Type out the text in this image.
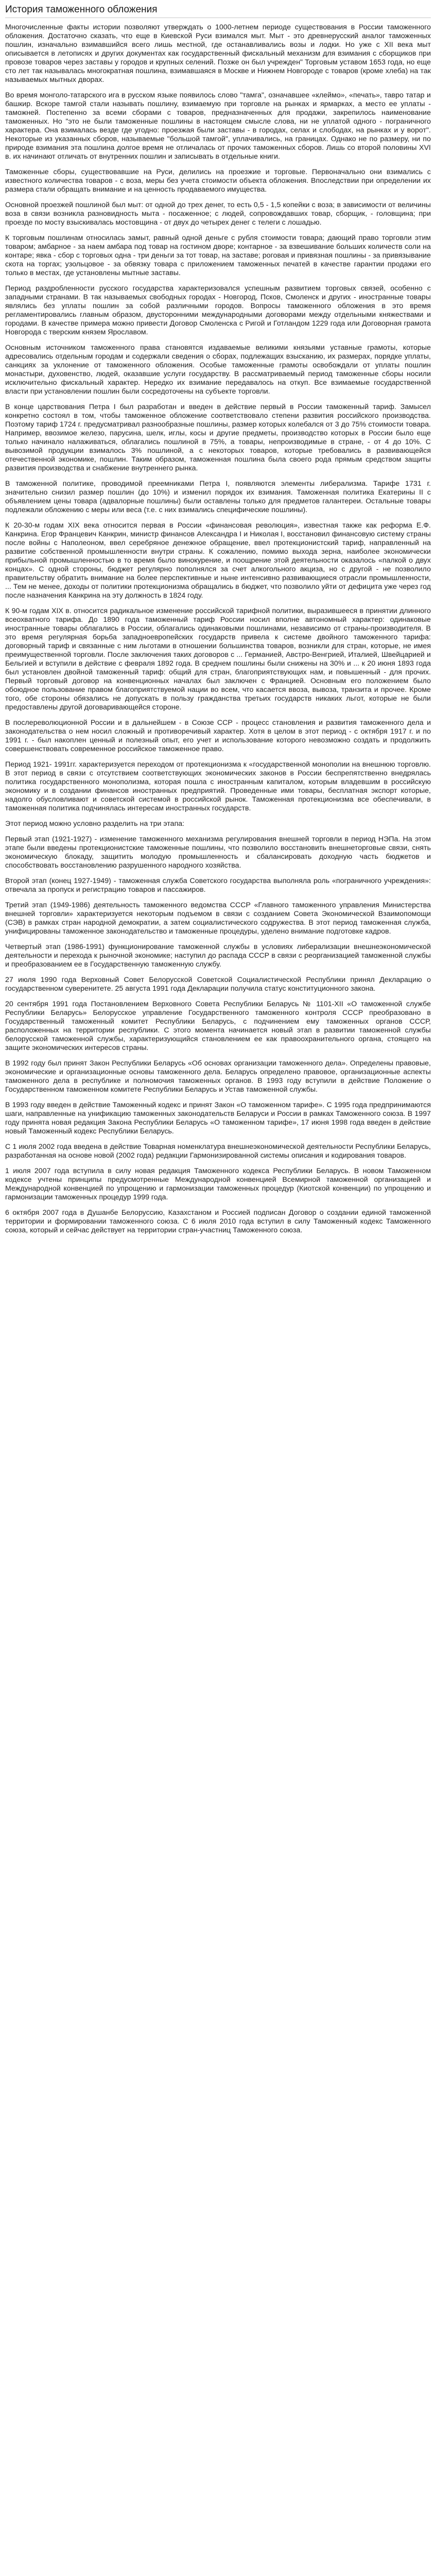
История таможенного обложения

Многочисленные факты истории позволяют утверждать о 1000-летнем периоде существования в России таможенного обложения. Достаточно сказать, что еще в Киевской Руси взимался мыт. Мыт - это древнерусский аналог таможенных пошлин, изначально взимавшийся всего лишь местной, где останавливались возы и лодки. Но уже с XII века мыт описывается в летописях и других документах как государственный фискальный механизм для взимания с сборщиков при провозе товаров через заставы у городов и крупных селений. Позже он был учрежден" Торговым уставом 1653 года, но еще сто лет так называлась многократная пошлина, взимавшаяся в Москве и Нижнем Новгороде с товаров (кроме хлеба) на так называемых мытных дворах.

Во время монголо-татарского ига в русском языке появилось слово "тамга", означавшее «клеймо», «печать», тавро татар и башкир. Вскоре тамгой стали называть пошлину, взимаемую при торговле на рынках и ярмарках, а место ее уплаты - таможней. Постепенно за всеми сборами с товаров, предназначенных для продажи, закрепилось наименование таможенных. Но "это не были таможенные пошлины в настоящем смысле слова, ни не уплатой одного - пограничного характера. Она взималась везде где угодно: проезжая были заставы - в городах, селах и слободах, на рынках и у ворот". Некоторые из указанных сборов, называемые "большой тамгой", уплачивались, на границах. Однако не по размеру, ни по природе взимания эта пошлина долгое время не отличалась от прочих таможенных сборов. Лишь со второй половины XVI в. их начинают отличать от внутренних пошлин и записывать в отдельные книги.

Таможенные сборы, существовавшие на Руси, делились на проезжие и торговые. Первоначально они взимались с известного количества товаров - с воза, меры без учета стоимости объекта обложения. Впоследствии при определении их размера стали обращать внимание и на ценность продаваемого имущества.

Основной проезжей пошлиной был мыт: от одной до трех денег, то есть 0,5 - 1,5 копейки с воза; в зависимости от величины воза в связи возникла разновидность мыта - посаженное; с людей, сопровождавших товар, сборщик, - головщина; при проезде по мосту взыскивалась мостовщина - от двух до четырех денег с телеги с лошадью.

К торговым пошлинам относилась замыт, равный одной деньге с рубля стоимости товара; дающий право торговли этим товаром; амбарное - за наем амбара под товар на гостином дворе; контарное - за взвешивание больших количеств соли на контаре; явка - сбор с торговых одна - три деньги за тот товар, на заставе; роговая и привязная пошлины - за привязывание скота на торгах; узольцовое - за обвязку товара с приложением таможенных печатей в качестве гарантии продажи его только в местах, где установлены мытные заставы.

Период раздробленности русского государства характеризовался успешным развитием торговых связей, особенно с западными странами. В так называемых свободных городах - Новгород, Псков, Смоленск и других - иностранные товары являлись без уплаты пошлин за собой различными городов. Вопросы таможенного обложения в это время регламентировались главным образом, двусторонними международными договорами между отдельными княжествами и городами. В качестве примера можно привести Договор Смоленска с Ригой и Готландом 1229 года или Договорная грамота Новгорода с тверским князем Ярославом.

Основным источником таможенного права становятся издаваемые великими князьями уставные грамоты, которые адресовались отдельным городам и содержали сведения о сборах, подлежащих взысканию, их размерах, порядке уплаты, санкциях за уклонение от таможенного обложения. Особые таможенные грамоты освобождали от уплаты пошлин монастыри, духовенство, людей, оказавшие услуги государству. В рассматриваемый период таможенные сборы носили исключительно фискальный характер. Нередко их взимание передавалось на откуп. Все взимаемые государственной власти при установлении пошлин были сосредоточены на субъекте торговли.

В конце царствования Петра I был разработан и введен в действие первый в России таможенный тариф. Замысел конкретно состоял в том, чтобы таможенное обложение соответствовало степени развития российского производства. Поэтому тариф 1724 г. предусматривал разнообразные пошлины, размер которых колебался от 3 до 75% стоимости товара. Например, ввозимое железо, парусина, шелк, иглы, косы и другие предметы, производство которых в России было еще только начинало налаживаться, облагались пошлиной в 75%, а товары, непроизводимые в стране, - от 4 до 10%. С вывозимой продукции взималось 3% пошлиной, а с некоторых товаров, которые требовались в развивающейся отечественной экономике, пошлин. Таким образом, таможенная пошлина была своего рода прямым средством защиты развития производства и снабжение внутреннего рынка.

В таможенной политике, проводимой преемниками Петра I, появляются элементы либерализма. Тарифе 1731 г. значительно снизил размер пошлин (до 10%) и изменил порядок их взимания. Таможенная политика Екатерины II с объявлением цены товара (адвалорные пошлины) были оставлены только для предметов галантереи. Остальные товары подлежали обложению с меры или веса (т.е. с них взимались специфические пошлины).

К 20-30-м годам XIX века относится первая в России «финансовая революция», известная также как реформа Е.Ф. Канкрина. Егор Францевич Канкрин, министр финансов Александра I и Николая I, восстановил финансовую систему страны после войны с Наполеоном, ввел серебряное денежное обращение, ввел протекционистский тариф, направленный на развитие собственной промышленности внутри страны. К сожалению, помимо выхода зерна, наиболее экономически прибыльной промышленностью в то время было винокурение, и поощрение этой деятельности оказалось «палкой о двух концах». С одной стороны, бюджет регулярно пополнялся за счет алкогольного акциза, но с другой - не позволило правительству обратить внимание на более перспективные и ныне интенсивно развивающиеся отрасли промышленности, ... Тем не менее, доходы от политики протекционизма обращались в бюджет, что позволило уйти от дефицита уже через год после назначения Канкрина на эту должность в 1824 году.

К 90-м годам XIX в. относится радикальное изменение российской тарифной политики, выразившееся в принятии длинного всеохватного тарифа. До 1890 года таможенный тариф России носил вполне автономный характер: одинаковые иностранные товары облагались в России, облагались одинаковыми пошлинами, независимо от страны-производителя. В это время регулярная борьба западноевропейских государств привела к системе двойного таможенного тарифа: договорный тариф и связанные с ним льготами в отношении большинства товаров, возникли для стран, которые, не имея преимущественной торговли. После заключения таких договоров с ... Германией, Австро-Венгрией, Италией, Швейцарией и Бельгией и вступили в действие с февраля 1892 года. В среднем пошлины были снижены на 30% и ... к 20 июня 1893 года был установлен двойной таможенный тариф: общий для стран, благоприятствующих нам, и повышенный - для прочих. Первый торговый договор на конвенционных началах был заключен с Францией. Основным его положением было обоюдное пользование правом благоприятствуемой нации во всем, что касается ввоза, вывоза, транзита и прочее. Кроме того, обе стороны обязались не допускать в пользу гражданства третьих государств никаких льгот, которые не были предоставлены другой договаривающейся стороне.

В послереволюционной России и в дальнейшем - в Союзе ССР - процесс становления и развития таможенного дела и законодательства о нем носил сложный и противоречивый характер. Хотя в целом в этот период - с октября 1917 г. и по 1991 г. - был накоплен ценный и полезный опыт, его учет и использование которого невозможно создать и продолжить совершенствовать современное российское таможенное право.

Период 1921- 1991гг. характеризуется переходом от протекционизма к «государственной монополии на внешнюю торговлю. В этот период в связи с отсутствием соответствующих экономических законов в России беспрепятственно внедрялась политика государственного монополизма, которая пошла с иностранным капиталом, которым владевшим в российскую экономику и в создании финансов иностранных предприятий. Проведенные ими товары, бесплатная экспорт которые, надолго обусловливают и советской системой в российской рынок. Таможенная протекционизма все обеспечивали, в таможенная политика подчинялась интересам иностранных государств.

Этот период можно условно разделить на три этапа:

Первый этап (1921-1927) - изменение таможенного механизма регулирования внешней торговли в период НЭПа. На этом этапе были введены протекционистские таможенные пошлины, что позволило восстановить внешнеторговые связи, снять экономическую блокаду, защитить молодую промышленность и сбалансировать доходную часть бюджетов и способствовать восстановлению разрушенного народного хозяйства.

Второй этап (конец 1927-1949) - таможенная служба Советского государства выполняла роль «пограничного учреждения»: отвечала за пропуск и регистрацию товаров и пассажиров.

Третий этап (1949-1986) деятельность таможенного ведомства СССР «Главного таможенного управления Министерства внешней торговли» характеризуется некоторым подъемом в связи с созданием Совета Экономической Взаимопомощи (СЭВ) в рамках стран народной демократии, а затем социалистического содружества. В этот период таможенная служба, унифицированы таможенное законодательство и таможенные процедуры, уделено внимание подготовке кадров.

Четвертый этап (1986-1991) функционирование таможенной службы в условиях либерализации внешнеэкономической деятельности и перехода к рыночной экономике; наступил до распада СССР в связи с реорганизацией таможенной службы и преобразованием ее в Государственную таможенную службу.

27 июля 1990 года Верховный Совет Белорусской Советской Социалистической Республики принял Декларацию о государственном суверенитете. 25 августа 1991 года Декларации получила статус конституционного закона.

20 сентября 1991 года Постановлением Верховного Совета Республики Беларусь № 1101-XII «О таможенной службе Республики Беларусь» Белорусское управление Государственного таможенного контроля СССР преобразовано в Государственный таможенный комитет Республики Беларусь, с подчинением ему таможенных органов СССР, расположенных на территории республики. С этого момента начинается новый этап в развитии таможенной службы белорусской таможенной службы, характеризующийся становлением ее как правоохранительного органа, стоящего на защите экономических интересов страны.

В 1992 году был принят Закон Республики Беларусь «Об основах организации таможенного дела». Определены правовые, экономические и организационные основы таможенного дела. Беларусь определено правовое, организационные аспекты таможенного дела в республике и полномочия таможенных органов. В 1993 году вступили в действие Положение о Государственном таможенном комитете Республики Беларусь и Устав таможенной службы.

В 1993 году введен в действие Таможенный кодекс и принят Закон «О таможенном тарифе». С 1995 года предпринимаются шаги, направленные на унификацию таможенных законодательств Беларуси и России в рамках Таможенного союза. В 1997 году принята новая редакция Закона Республики Беларусь «О таможенном тарифе», 17 июня 1998 года введен в действие новый Таможенный кодекс Республики Беларусь.

С 1 июля 2002 года введена в действие Товарная номенклатура внешнеэкономической деятельности Республики Беларусь, разработанная на основе новой (2002 года) редакции Гармонизированной системы описания и кодирования товаров.

1 июля 2007 года вступила в силу новая редакция Таможенного кодекса Республики Беларусь. В новом Таможенном кодексе учтены принципы предусмотренные Международной конвенцией Всемирной таможенной организацией и Международной конвенцией по упрощению и гармонизации таможенных процедур (Киотской конвенции) по упрощению и гармонизации таможенных процедур 1999 года.

6 октября 2007 года в Душанбе Белоруссию, Казахстаном и Россией подписан Договор о создании единой таможенной территории и формировании таможенного союза. С 6 июля 2010 года вступил в силу Таможенный кодекс Таможенного союза, который и сейчас действует на территории стран-участниц Таможенного союза.
